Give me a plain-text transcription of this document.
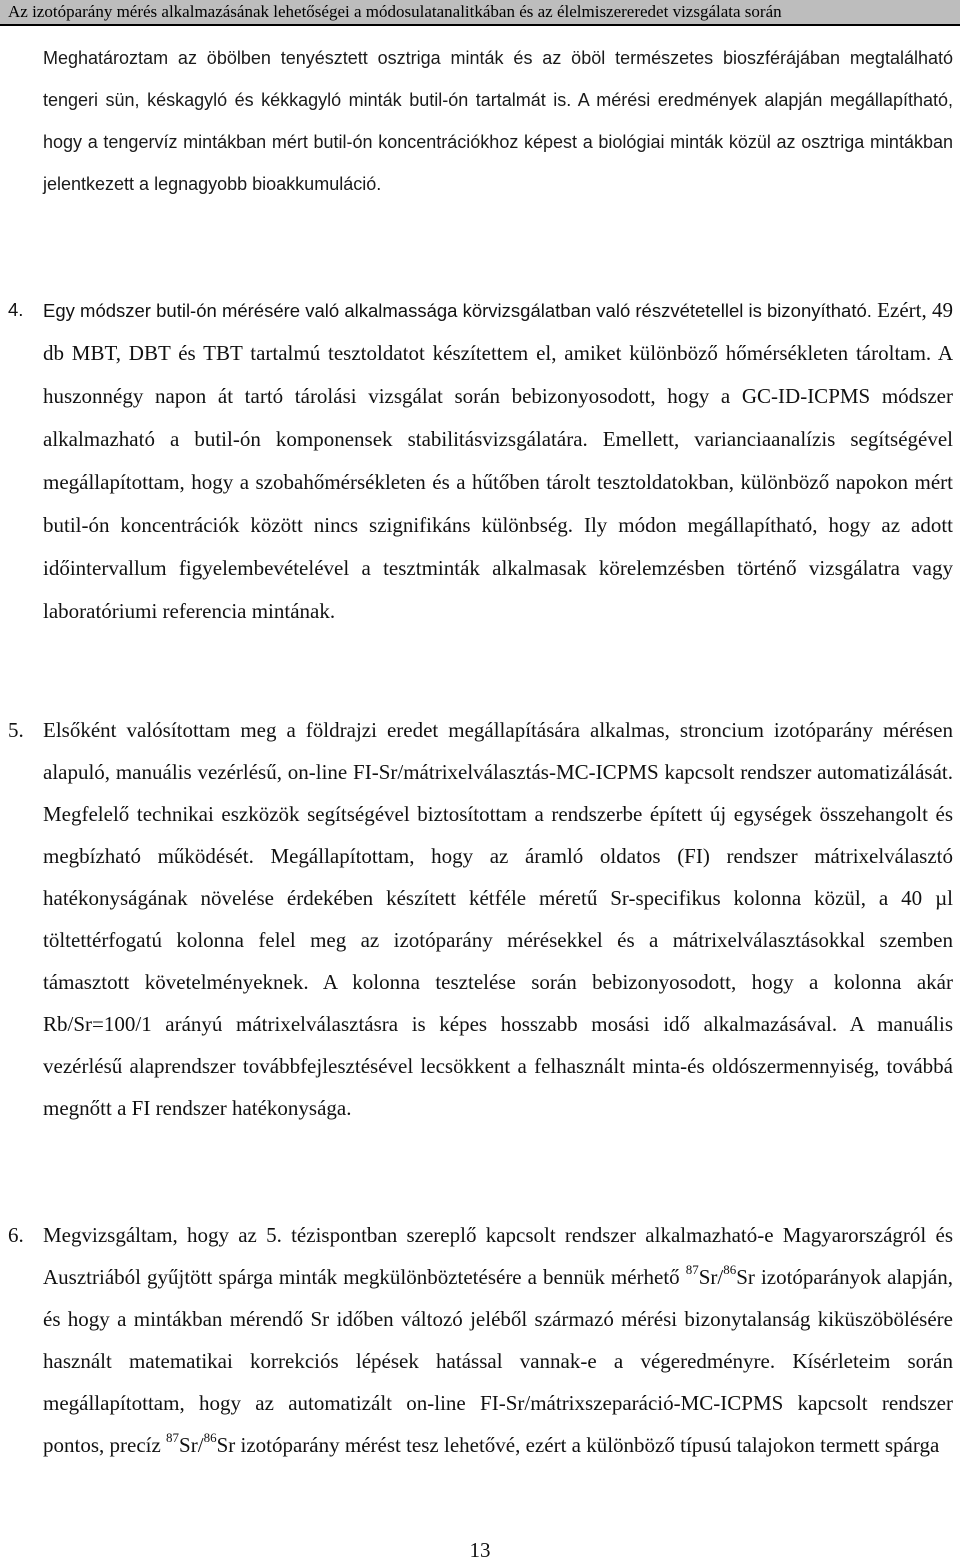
Az izotóparány mérés alkalmazásának lehetőségei a módosulatanalitkában és az élelmiszereredet vizsgálata során

Meghatároztam az öbölben tenyésztett osztriga minták és az öböl természetes bioszférájában megtalálható tengeri sün, késkagyló és kékkagyló minták butil-ón tartalmát is. A mérési eredmények alapján megállapítható, hogy a tengervíz mintákban mért butil-ón koncentrációkhoz képest a biológiai minták közül az osztriga mintákban jelentkezett a legnagyobb bioakkumuláció.

4. Egy módszer butil-ón mérésére való alkalmassága körvizsgálatban való részvétetellel is bizonyítható. Ezért, 49 db MBT, DBT és TBT tartalmú tesztoldatot készítettem el, amiket különböző hőmérsékleten tároltam. A huszonnégy napon át tartó tárolási vizsgálat során bebizonyosodott, hogy a GC-ID-ICPMS módszer alkalmazható a butil-ón komponensek stabilitásvizsgálatára. Emellett, varianciaanalízis segítségével megállapítottam, hogy a szobahőmérsékleten és a hűtőben tárolt tesztoldatokban, különböző napokon mért butil-ón koncentrációk között nincs szignifikáns különbség. Ily módon megállapítható, hogy az adott időintervallum figyelembevételével a tesztminták alkalmasak körelemzésben történő vizsgálatra vagy laboratóriumi referencia mintának.

5. Elsőként valósítottam meg a földrajzi eredet megállapítására alkalmas, stroncium izotóparány mérésen alapuló, manuális vezérlésű, on-line FI-Sr/mátrixelválasztás-MC-ICPMS kapcsolt rendszer automatizálását. Megfelelő technikai eszközök segítségével biztosítottam a rendszerbe épített új egységek összehangolt és megbízható működését. Megállapítottam, hogy az áramló oldatos (FI) rendszer mátrixelválasztó hatékonyságának növelése érdekében készített kétféle méretű Sr-specifikus kolonna közül, a 40 µl töltettérfogatú kolonna felel meg az izotóparány mérésekkel és a mátrixelválasztásokkal szemben támasztott követelményeknek. A kolonna tesztelése során bebizonyosodott, hogy a kolonna akár Rb/Sr=100/1 arányú mátrixelválasztásra is képes hosszabb mosási idő alkalmazásával. A manuális vezérlésű alaprendszer továbbfejlesztésével lecsökkent a felhasznált minta-és oldószermennyiség, továbbá megnőtt a FI rendszer hatékonysága.

6. Megvizsgáltam, hogy az 5. tézispontban szereplő kapcsolt rendszer alkalmazható-e Magyarországról és Ausztriából gyűjtött spárga minták megkülönböztetésére a bennük mérhető $^{87}$Sr/$^{86}$Sr izotóparányok alapján, és hogy a mintákban mérendő Sr időben változó jeléből származó mérési bizonytalanság kiküszöbölésére használt matematikai korrekciós lépések hatással vannak-e a végeredményre. Kísérleteim során megállapítottam, hogy az automatizált on-line FI-Sr/mátrixszeparáció-MC-ICPMS kapcsolt rendszer pontos, precíz $^{87}$Sr/$^{86}$Sr izotóparány mérést tesz lehetővé, ezért a különböző típusú talajokon termett spárga

13
